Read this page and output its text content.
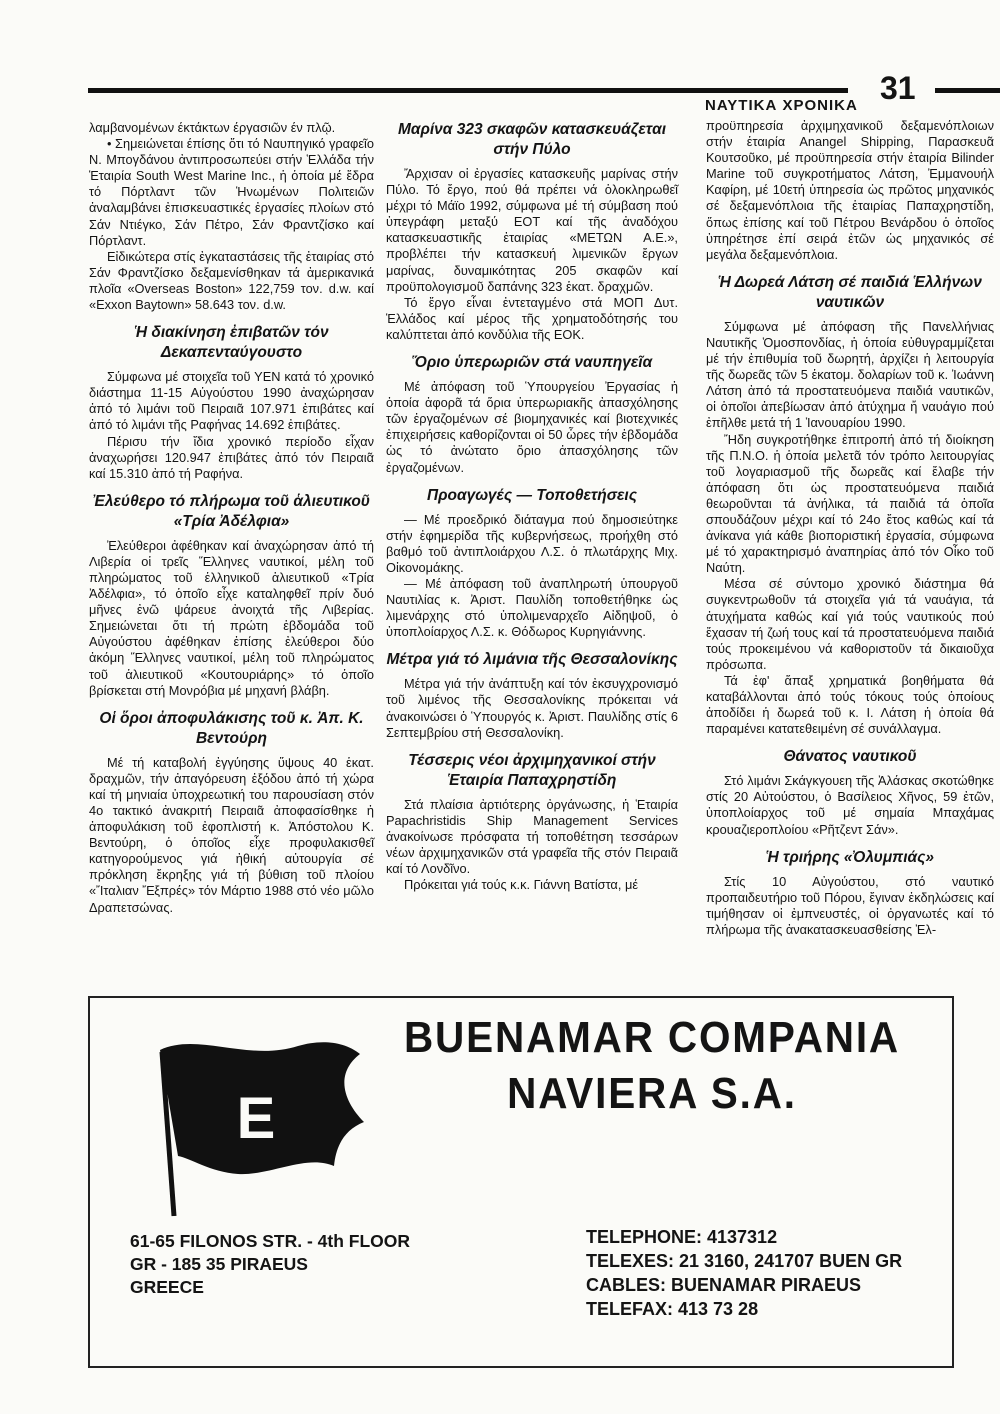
ΝΑΥΤΙΚΑ ΧΡΟΝΙΚΑ 31

λαμβανομένων έκτάκτων έργασιῶν έν πλῷ.

• Σημειώνεται έπίσης ὅτι τό Ναυπηγικό γραφεῖο Ν. Μπογδάνου ἀντιπροσωπεύει στήν Ἑλλάδα τήν Ἑταιρία South West Marine Inc., ἡ ὁποία μέ ἕδρα τό Πόρτλαντ τῶν Ἡνωμένων Πολιτειῶν ἀναλαμβάνει ἐπισκευαστικές ἐργασίες πλοίων στό Σάν Ντιέγκο, Σάν Πέτρο, Σάν Φραντζίσκο καί Πόρτλαντ.

Εἰδικώτερα στίς ἐγκαταστάσεις τῆς ἐταιρίας στό Σάν Φραντζίσκο δεξαμενίσθηκαν τά ἀμερικανικά πλοῖα «Overseas Boston» 122,759 τον. d.w. καί «Exxon Baytown» 58.643 τον. d.w.

Ἡ διακίνηση ἐπιβατῶν τόν Δεκαπενταύγουστο

Σύμφωνα μέ στοιχεῖα τοῦ ΥΕΝ κατά τό χρονικό διάστημα 11-15 Αὐγούστου 1990 ἀναχώρησαν ἀπό τό λιμάνι τοῦ Πειραιᾶ 107.971 ἐπιβάτες καί ἀπό τό λιμάνι τῆς Ραφήνας 14.692 ἐπιβάτες.

Πέρισυ τήν ἴδια χρονικό περίοδο εἶχαν ἀναχωρήσει 120.947 ἐπιβάτες ἀπό τόν Πειραιᾶ καί 15.310 ἀπό τή Ραφήνα.

Ἐλεύθερο τό πλήρωμα τοῦ ἁλιευτικοῦ «Τρία Ἀδέλφια»

Ἐλεύθεροι ἀφέθηκαν καί ἀναχώρησαν ἀπό τή Λιβερία οἱ τρεῖς Ἕλληνες ναυτικοί, μέλη τοῦ πληρώματος τοῦ ἑλληνικοῦ ἁλιευτικοῦ «Τρία Ἀδέλφια», τό ὁποῖο εἶχε καταληφθεῖ πρίν δυό μῆνες ἐνῶ ψάρευε ἀνοιχτά τῆς Λιβερίας. Σημειώνεται ὅτι τή πρώτη ἑβδομάδα τοῦ Αὐγούστου ἀφέθηκαν ἐπίσης ἐλεύθεροι δύο ἀκόμη Ἕλληνες ναυτικοί, μέλη τοῦ πληρώματος τοῦ ἁλιευτικοῦ «Κουτουριάρης» τό ὁποῖο βρίσκεται στή Μονρόβια μέ μηχανή βλάβη.

Οἱ ὅροι ἀποφυλάκισης τοῦ κ. Ἀπ. Κ. Βεντούρη

Μέ τή καταβολή ἐγγύησης ὕψους 40 ἑκατ. δραχμῶν, τήν ἀπαγόρευση ἐξόδου ἀπό τή χώρα καί τή μηνιαία ὑποχρεωτική του παρουσίαση στόν 4ο τακτικό ἀνακριτή Πειραιᾶ ἀποφασίσθηκε ἡ ἀποφυλάκιση τοῦ ἐφοπλιστή κ. Ἀπόστολου Κ. Βεντούρη, ὁ ὁποῖος εἶχε προφυλακισθεῖ κατηγορούμενος γιά ἠθική αὐτουργία σέ πρόκληση ἔκρηξης γιά τή βύθιση τοῦ πλοίου «Ἴταλιαν Ἔξπρές» τόν Μάρτιο 1988 στό νέο μῶλο Δραπετσώνας.

Μαρίνα 323 σκαφῶν κατασκευάζεται στήν Πύλο

Ἄρχισαν οἱ ἐργασίες κατασκευῆς μαρίνας στήν Πύλο. Τό ἔργο, πού θά πρέπει νά ὁλοκληρωθεῖ μέχρι τό Μάϊο 1992, σύμφωνα μέ τή σύμβαση πού ὑπεγράφη μεταξύ ΕΟΤ καί τῆς ἀναδόχου κατασκευαστικῆς ἑταιρίας «ΜΕΤΩΝ Α.Ε.», προβλέπει τήν κατασκευή λιμενικῶν ἔργων μαρίνας, δυναμικότητας 205 σκαφῶν καί προϋπολογισμοῦ δαπάνης 323 ἑκατ. δραχμῶν.

Τό ἔργο εἶναι ἐντεταγμένο στά ΜΟΠ Δυτ. Ἑλλάδος καί μέρος τῆς χρηματοδότησής του καλύπτεται ἀπό κονδύλια τῆς ΕΟΚ.

Ὅριο ὑπερωριῶν στά ναυπηγεῖα

Μέ ἀπόφαση τοῦ Ὑπουργείου Ἐργασίας ἡ ὁποία ἀφορᾶ τά ὅρια ὑπερωριακῆς ἀπασχόλησης τῶν ἐργαζομένων σέ βιομηχανικές καί βιοτεχνικές ἐπιχειρήσεις καθορίζονται οἱ 50 ὧρες τήν ἑβδομάδα ὡς τό ἀνώτατο ὅριο ἀπασχόλησης τῶν ἐργαζομένων.

Προαγωγές — Τοποθετήσεις

— Μέ προεδρικό διάταγμα πού δημοσιεύτηκε στήν ἐφημερίδα τῆς κυβερνήσεως, προήχθη στό βαθμό τοῦ ἀντιπλοιάρχου Λ.Σ. ὁ πλωτάρχης Μιχ. Οἰκονομάκης.

— Μέ ἀπόφαση τοῦ ἀναπληρωτή ὑπουργοῦ Ναυτιλίας κ. Ἀριστ. Παυλίδη τοποθετήθηκε ὡς λιμενάρχης στό ὑπολιμεναρχεῖο Αἰδηψοῦ, ὁ ὑποπλοίαρχος Λ.Σ. κ. Θόδωρος Κυρηγιάννης.

Μέτρα γιά τό λιμάνια τῆς Θεσσαλονίκης

Μέτρα γιά τήν ἀνάπτυξη καί τόν ἐκσυγχρονισμό τοῦ λιμένος τῆς Θεσσαλονίκης πρόκειται νά ἀνακοινώσει ὁ Ὑπουργός κ. Ἀριστ. Παυλίδης στίς 6 Σεπτεμβρίου στή Θεσσαλονίκη.

Τέσσερις νέοι ἀρχιμηχανικοί στήν Ἑταιρία Παπαχρηστίδη

Στά πλαίσια ἀρτιότερης ὀργάνωσης, ἡ Ἑταιρία Papachristidis Ship Management Services ἀνακοίνωσε πρόσφατα τή τοποθέτηση τεσσάρων νέων ἀρχιμηχανικῶν στά γραφεῖα τῆς στόν Πειραιᾶ καί τό Λονδῖνο.

Πρόκειται γιά τούς κ.κ. Γιάννη Βατίστα, μέ

προϋπηρεσία ἀρχιμηχανικοῦ δεξαμενόπλοιων στήν ἑταιρία Anangel Shipping, Παρασκευᾶ Κουτσοῦκο, μέ προϋπηρεσία στήν ἑταιρία Bilinder Marine τοῦ συγκροτήματος Λάτση, Ἐμμανουήλ Καφίρη, μέ 10ετή ὑπηρεσία ὡς πρῶτος μηχανικός σέ δεξαμενόπλοια τῆς ἑταιρίας Παπαχρηστίδη, ὅπως ἐπίσης καί τοῦ Πέτρου Βενάρδου ὁ ὁποῖος ὑπηρέτησε ἐπί σειρά ἐτῶν ὡς μηχανικός σέ μεγάλα δεξαμενόπλοια.

Ἡ Δωρεά Λάτση σέ παιδιά Ἑλλήνων ναυτικῶν

Σύμφωνα μέ ἀπόφαση τῆς Πανελλήνιας Ναυτικῆς Ὁμοσπονδίας, ἡ ὁποία εὐθυγραμμίζεται μέ τήν ἐπιθυμία τοῦ δωρητή, ἀρχίζει ἡ λειτουργία τῆς δωρεᾶς τῶν 5 ἑκατομ. δολαρίων τοῦ κ. Ἰωάννη Λάτση ἀπό τά προστατευόμενα παιδιά ναυτικῶν, οἱ ὁποῖοι ἀπεβίωσαν ἀπό ἀτύχημα ἤ ναυάγιο πού ἐπῆλθε μετά τή 1 Ἰανουαρίου 1990.

Ἤδη συγκροτήθηκε ἐπιτροπή ἀπό τή διοίκηση τῆς Π.Ν.Ο. ἡ ὁποία μελετᾶ τόν τρόπο λειτουργίας τοῦ λογαριασμοῦ τῆς δωρεᾶς καί ἔλαβε τήν ἀπόφαση ὅτι ὡς προστατευόμενα παιδιά θεωροῦνται τά ἀνήλικα, τά παιδιά τά ὁποῖα σπουδάζουν μέχρι καί τό 24ο ἔτος καθώς καί τά ἀνίκανα γιά κάθε βιοποριστική ἐργασία, σύμφωνα μέ τό χαρακτηρισμό ἀναπηρίας ἀπό τόν Οἶκο τοῦ Ναύτη.

Μέσα σέ σύντομο χρονικό διάστημα θά συγκεντρωθοῦν τά στοιχεῖα γιά τά ναυάγια, τά ἀτυχήματα καθώς καί γιά τούς ναυτικούς πού ἔχασαν τή ζωή τους καί τά προστατευόμενα παιδιά τούς προκειμένου νά καθοριστοῦν τά δικαιοῦχα πρόσωπα.

Τά ἐφ' ἅπαξ χρηματικά βοηθήματα θά καταβάλλονται ἀπό τούς τόκους τούς ὁποίους ἀποδίδει ἡ δωρεά τοῦ κ. Ι. Λάτση ἡ ὁποία θά παραμένει κατατεθειμένη σέ συνάλλαγμα.

Θάνατος ναυτικοῦ

Στό λιμάνι Σκάγκγουεη τῆς Ἀλάσκας σκοτώθηκε στίς 20 Αὐτούστου, ὁ Βασίλειος Χῆνος, 59 ἐτῶν, ὑποπλοίαρχος τοῦ μέ σημαία Μπαχάμας κρουαζιεροπλοίου «Ρῆτζεντ Σάν».

Ἡ τριήρης «Ὀλυμπιάς»

Στίς 10 Αὐγούστου, στό ναυτικό προπαιδευτήριο τοῦ Πόρου, ἔγιναν ἐκδηλώσεις καί τιμήθησαν οἱ ἐμπνευστές, οἱ ὀργανωτές καί τό πλήρωμα τῆς ἀνακατασκευασθείσης Ἐλ-

BUENAMAR COMPANIA
NAVIERA S.A.
E
61-65 FILONOS STR. - 4th FLOOR
GR - 185 35 PIRAEUS
GREECE
TELEPHONE: 4137312
TELEXES: 21 3160, 241707 BUEN GR
CABLES: BUENAMAR PIRAEUS
TELEFAX: 413 73 28
